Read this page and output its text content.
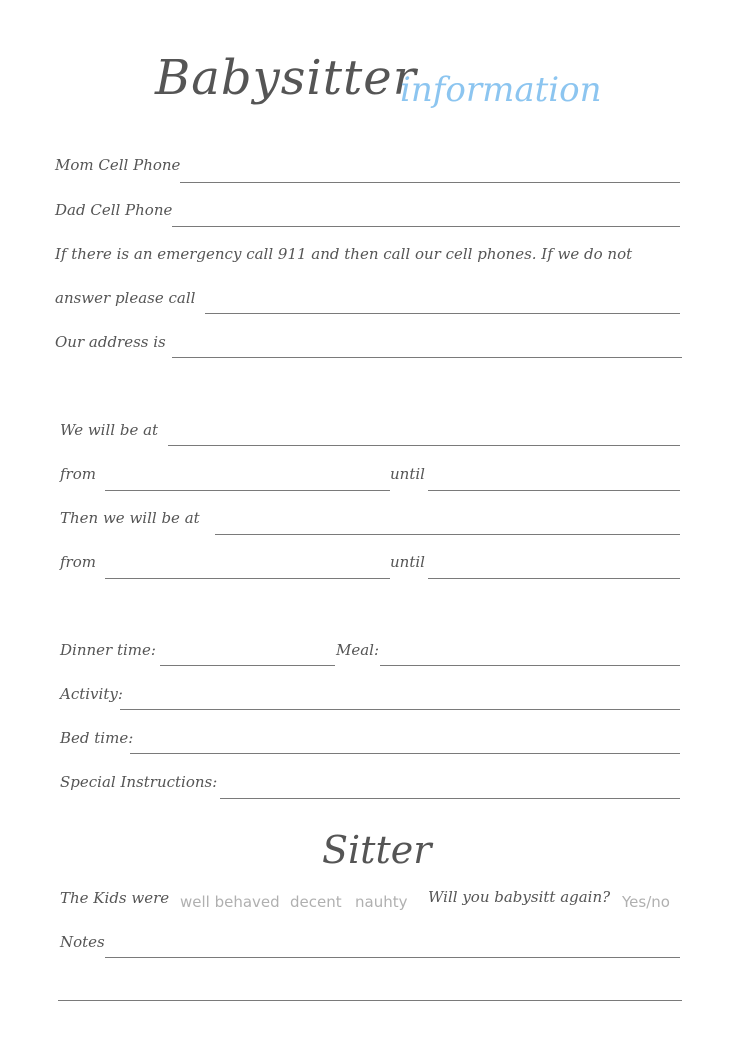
Babysitter
information
Mom Cell Phone
Dad Cell Phone
If there is an emergency call 911 and then call our cell phones. If we do not
answer please call
Our address is
We will be at
from	until
Then we will be at
from	until
Dinner time:	Meal:
Activity:
Bed time:
Special Instructions:
Sitter
The Kids were well behaved decent nauhty Will you babysitt again? Yes/no
Notes
